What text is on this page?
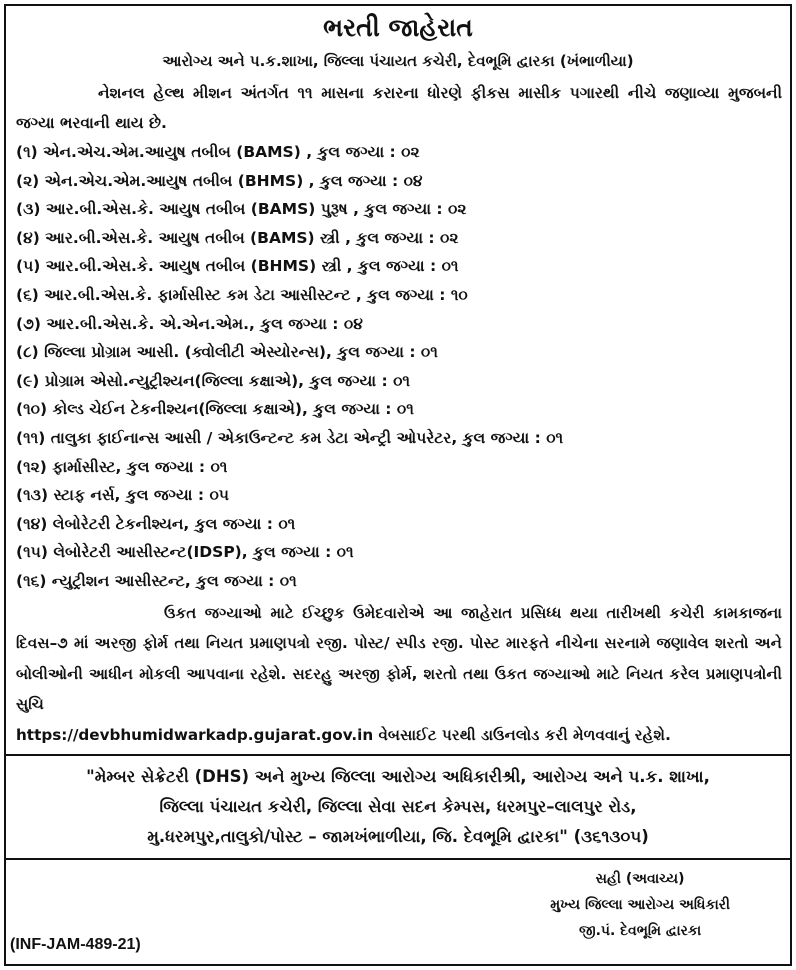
ભરતી જાહેરાત
આરોગ્ય અને પ.ક.શાખા, જિલ્લા પંચાયત કચેરી, દેવભૂમિ દ્વારકા (ખંભાળીયા)

નેશનલ હેલ્થ મીશન અંતર્ગત ૧૧ માસના કરારના ધોરણે ફીકસ માસીક પગારથી નીચે જણાવ્યા મુજબની જગ્યા ભરવાની થાય છે.

(૧) એન.એચ.એમ.આયુષ તબીબ (BAMS) , કુલ જગ્યા : ૦૨
(૨) એન.એચ.એમ.આયુષ તબીબ (BHMS) , કુલ જગ્યા : ૦૪
(૩) આર.બી.એસ.કે. આયુષ તબીબ (BAMS) પુરૂષ , કુલ જગ્યા : ૦૨
(૪) આર.બી.એસ.કે. આયુષ તબીબ (BAMS) સ્ત્રી , કુલ જગ્યા : ૦૨
(૫) આર.બી.એસ.કે. આયુષ તબીબ (BHMS) સ્ત્રી , કુલ જગ્યા : ૦૧
(૬) આર.બી.એસ.કે. ફાર્માસીસ્ટ કમ ડેટા આસીસ્ટન્ટ , કુલ જગ્યા : ૧૦
(૭) આર.બી.એસ.કે. એ.એન.એમ., કુલ જગ્યા : ૦૪
(૮) જિલ્લા પ્રોગ્રામ આસી. (ક્વોલીટી એસ્યોરન્સ), કુલ જગ્યા : ૦૧
(૯) પ્રોગ્રામ એસો.ન્યુટ્રીશ્યન(જિલ્લા કક્ષાએ), કુલ જગ્યા : ૦૧
(૧૦) કોલ્ડ ચેઈન ટેકનીશ્યન(જિલ્લા કક્ષાએ), કુલ જગ્યા : ૦૧
(૧૧) તાલુકા ફાઈનાન્સ આસી / એકાઉન્ટન્ટ કમ ડેટા એન્ટ્રી ઓપરેટર, કુલ જગ્યા : ૦૧
(૧૨) ફાર્માસીસ્ટ, કુલ જગ્યા : ૦૧
(૧૩) સ્ટાફ નર્સ, કુલ જગ્યા : ૦૫
(૧૪) લેબોરેટરી ટેકનીશ્યન, કુલ જગ્યા : ૦૧
(૧૫) લેબોરેટરી આસીસ્ટન્ટ(IDSP), કુલ જગ્યા : ૦૧
(૧૬) ન્યુટ્રીશન આસીસ્ટન્ટ, કુલ જગ્યા : ૦૧

ઉકત જગ્યાઓ માટે ઈચ્છુક ઉમેદવારોએ આ જાહેરાત પ્રસિધ્ધ થયા તારીખથી કચેરી કામકાજના દિવસ–૭ માં અરજી ફોર્મ તથા નિયત પ્રમાણપત્રો રજી. પોસ્ટ/ સ્પીડ રજી. પોસ્ટ મારફતે નીચેના સરનામે જણાવેલ શરતો અને બોલીઓની આધીન મોકલી આપવાના રહેશે. સદરહુ અરજી ફોર્મ, શરતો તથા ઉકત જગ્યાઓ માટે નિયત કરેલ પ્રમાણપત્રોની સુચિ

https://devbhumidwarkadp.gujarat.gov.in વેબસાઈટ પરથી ડાઉનલોડ કરી મેળવવાનું રહેશે.

"મેમ્બર સેક્રેટરી (DHS) અને મુખ્ય જિલ્લા આરોગ્ય અધિકારીશ્રી, આરોગ્ય અને પ.ક. શાખા,
જિલ્લા પંચાયત કચેરી, જિલ્લા સેવા સદન કેમ્પસ, ધરમપુર–લાલપુર રોડ,
મુ.ધરમપુર,તાલુકો/પોસ્ટ – જામખંભાળીયા, જિ. દેવભૂમિ દ્વારકા" (૩૬૧૩૦૫)
સહી (અવાચ્ય)
મુખ્ય જિલ્લા આરોગ્ય અધિકારી
જી.પં. દેવભૂમિ દ્વારકા
(INF-JAM-489-21)
